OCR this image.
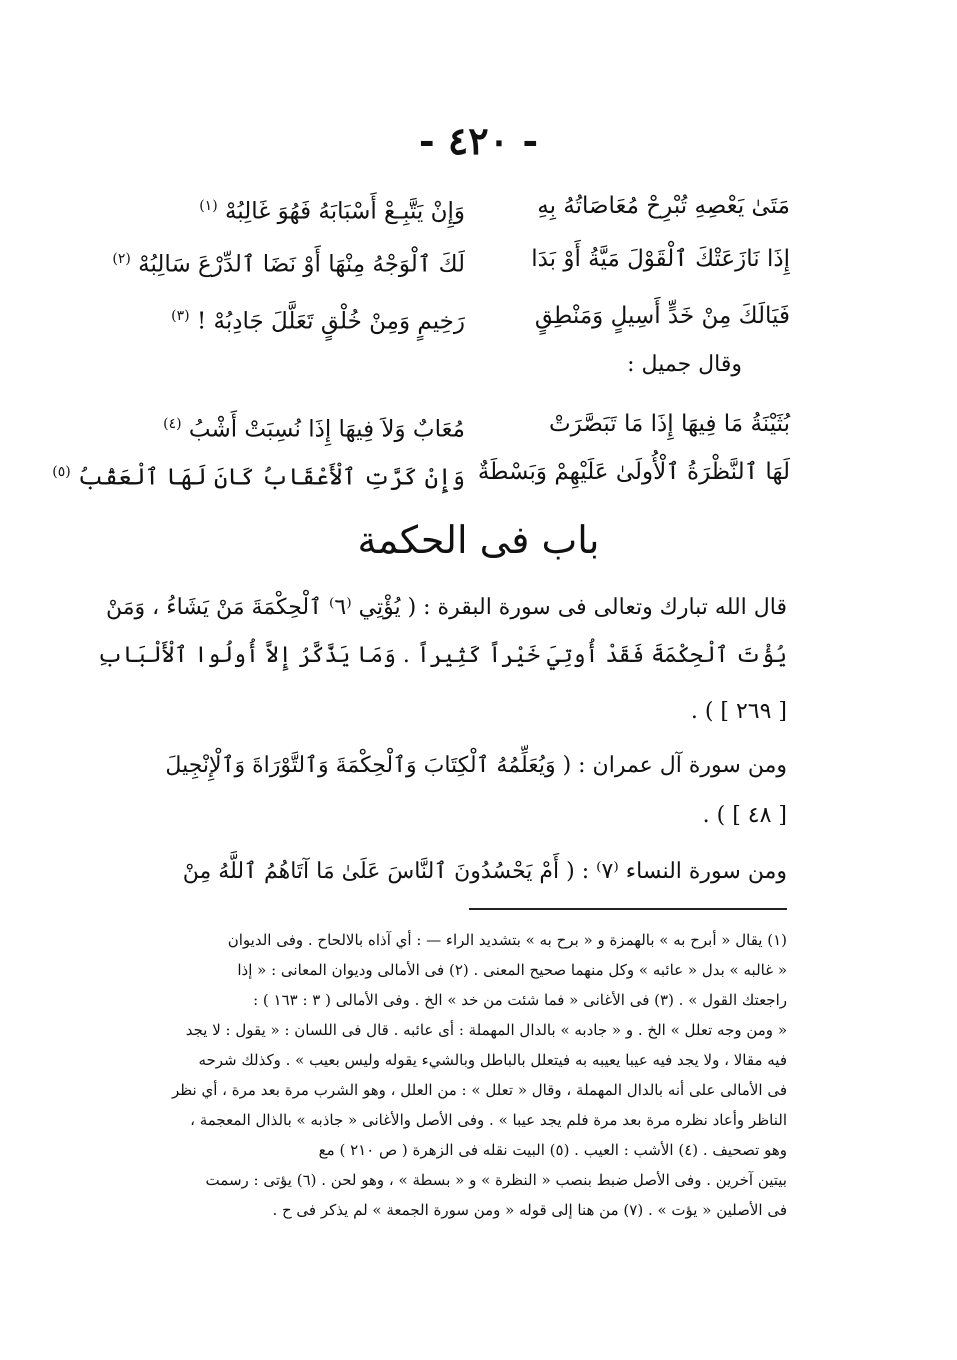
- ٤٢٠ -
مَتَىٰ يَعْصِهِ تُبْرِحْ مُعَاصَاتُهُ بِهِ
وَإِنْ يَتَّبِـعْ أَسْبَابَهُ فَهُوَ غَالِبُهْ $^{(١)}$
إِذَا نَازَعَتْكَ ٱلْقَوْلَ مَيَّةُ أَوْ بَدَا
لَكَ ٱلْوَجْهُ مِنْهَا أَوْ نَضَا ٱلدِّرْعَ سَالِبُهْ $^{(٢)}$
فَيَالَكَ مِنْ خَدٍّ أَسِيلٍ وَمَنْطِقٍ
رَخِيمٍ وَمِنْ خُلْقٍ تَعَلَّلَ جَادِبُهْ ! $^{(٣)}$
وقال جميل :
بُثَيْنَةُ مَا فِيهَا إِذَا مَا تَبَصَّرَتْ
مُعَابٌ وَلاَ فِيهَا إِذَا نُسِبَتْ أَشْبُ $^{(٤)}$
لَهَا ٱلنَّظْرَةُ ٱلْأُولَىٰ عَلَيْهِمْ وَبَسْطَةٌ
وَإِنْ كَرَّتِ ٱلْأَعْقَابُ كَانَ لَهَا ٱلْعَقْبُ $^{(٥)}$
باب فى الحكمة
قال الله تبارك وتعالى فى سورة البقرة : ( يُؤْتِي ⁽٦⁾ ٱلْحِكْمَةَ مَنْ يَشَاءُ ، وَمَنْ
يُؤْتَ ٱلْحِكْمَةَ فَقَدْ أُوتِيَ خَيْراً كَثِيراً . وَمَا يَذَّكَّرُ إِلاَّ أُولُوا ٱلْأَلْبَابِ
[ ٢٦٩ ] ) .
ومن سورة آل عمران : ( وَيُعَلِّمُهُ ٱلْكِتَابَ وَٱلْحِكْمَةَ وَٱلتَّوْرَاةَ وَٱلْإِنْجِيلَ
[ ٤٨ ] ) .
ومن سورة النساء ⁽٧⁾ : ( أَمْ يَحْسُدُونَ ٱلنَّاسَ عَلَىٰ مَا آتَاهُمُ ٱللَّهُ مِنْ
(١) يقال « أبرح به » بالهمزة و « برح به » بتشديد الراء — : أي آذاه بالالحاح . وفى الديوان
« غالبه » بدل « عائبه » وكل منهما صحيح المعنى . (٢) فى الأمالى وديوان المعانى : « إذا
راجعتك القول » . (٣) فى الأغانى « فما شئت من خد » الخ . وفى الأمالى ( ٣ : ١٦٣ ) :
« ومن وجه تعلل » الخ . و « جادبه » بالدال المهملة : أى عائبه . قال فى اللسان : « يقول : لا يجد
فيه مقالا ، ولا يجد فيه عيبا يعيبه به فيتعلل بالباطل وبالشيء يقوله وليس بعيب » . وكذلك شرحه
فى الأمالى على أنه بالدال المهملة ، وقال « تعلل » : من العلل ، وهو الشرب مرة بعد مرة ، أي نظر
الناظر وأعاد نظره مرة بعد مرة فلم يجد عيبا » . وفى الأصل والأغانى « جاذبه » بالذال المعجمة ،
وهو تصحيف . (٤) الأشب : العيب . (٥) البيت نقله فى الزهرة ( ص ٢١٠ ) مع
بيتين آخرين . وفى الأصل ضبط بنصب « النظرة » و « بسطة » ، وهو لحن . (٦) يؤتى : رسمت
فى الأصلين « يؤت » . (٧) من هنا إلى قوله « ومن سورة الجمعة » لم يذكر فى ح .
